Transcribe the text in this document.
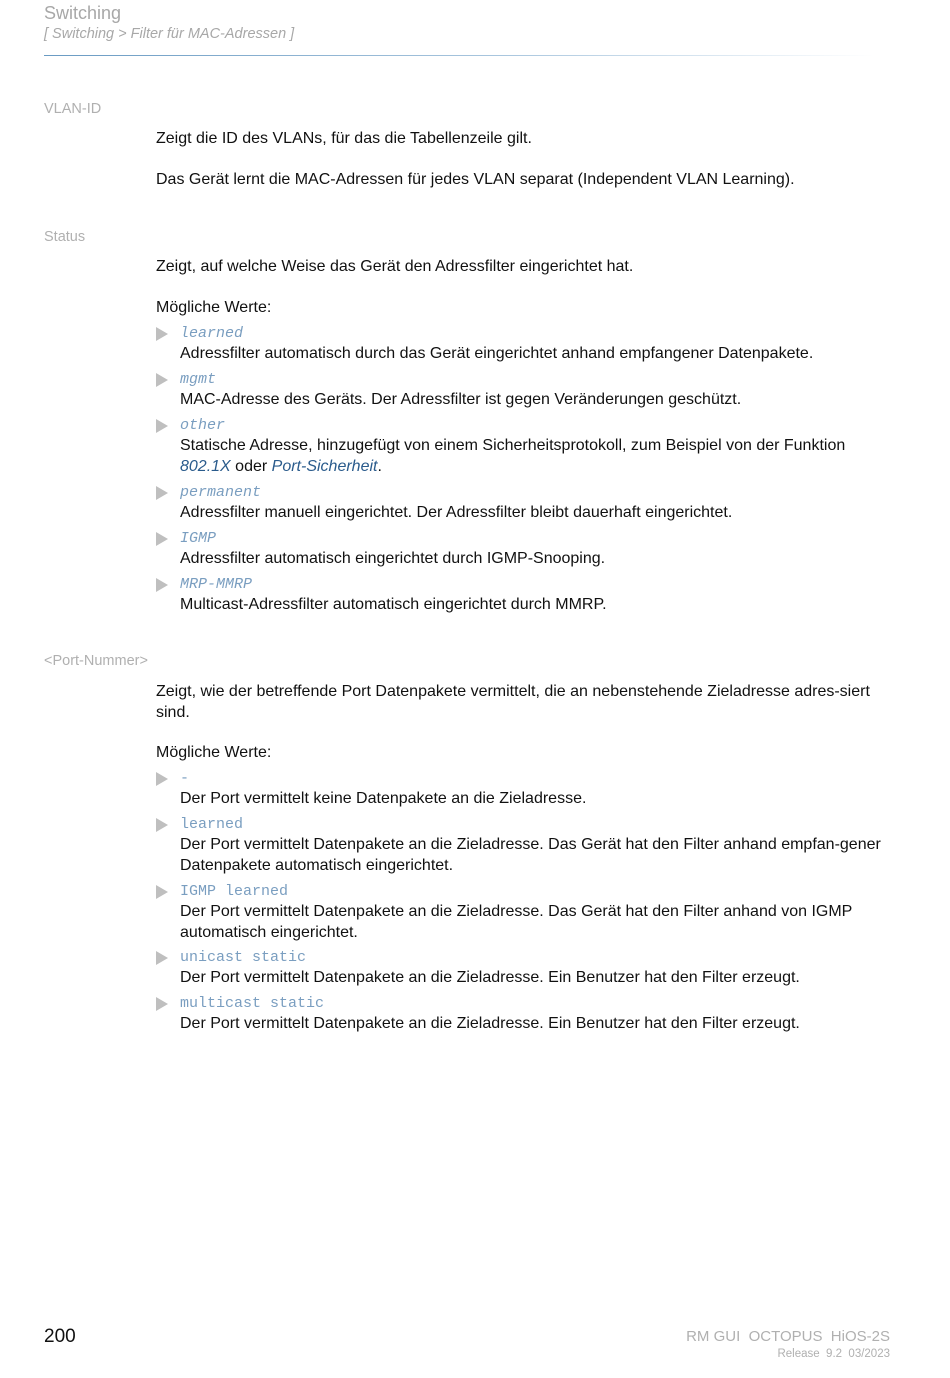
Switching
[ Switching > Filter für MAC-Adressen ]
VLAN-ID
Zeigt die ID des VLANs, für das die Tabellenzeile gilt.
Das Gerät lernt die MAC-Adressen für jedes VLAN separat (Independent VLAN Learning).
Status
Zeigt, auf welche Weise das Gerät den Adressfilter eingerichtet hat.
Mögliche Werte:
learned
Adressfilter automatisch durch das Gerät eingerichtet anhand empfangener Datenpakete.
mgmt
MAC-Adresse des Geräts. Der Adressfilter ist gegen Veränderungen geschützt.
other
Statische Adresse, hinzugefügt von einem Sicherheitsprotokoll, zum Beispiel von der Funktion 802.1X oder Port-Sicherheit.
permanent
Adressfilter manuell eingerichtet. Der Adressfilter bleibt dauerhaft eingerichtet.
IGMP
Adressfilter automatisch eingerichtet durch IGMP-Snooping.
MRP-MMRP
Multicast-Adressfilter automatisch eingerichtet durch MMRP.
<Port-Nummer>
Zeigt, wie der betreffende Port Datenpakete vermittelt, die an nebenstehende Zieladresse adres-siert sind.
Mögliche Werte:
-
Der Port vermittelt keine Datenpakete an die Zieladresse.
learned
Der Port vermittelt Datenpakete an die Zieladresse. Das Gerät hat den Filter anhand empfan-gener Datenpakete automatisch eingerichtet.
IGMP learned
Der Port vermittelt Datenpakete an die Zieladresse. Das Gerät hat den Filter anhand von IGMP automatisch eingerichtet.
unicast static
Der Port vermittelt Datenpakete an die Zieladresse. Ein Benutzer hat den Filter erzeugt.
multicast static
Der Port vermittelt Datenpakete an die Zieladresse. Ein Benutzer hat den Filter erzeugt.
200	RM GUI  OCTOPUS  HiOS-2S
Release  9.2  03/2023
